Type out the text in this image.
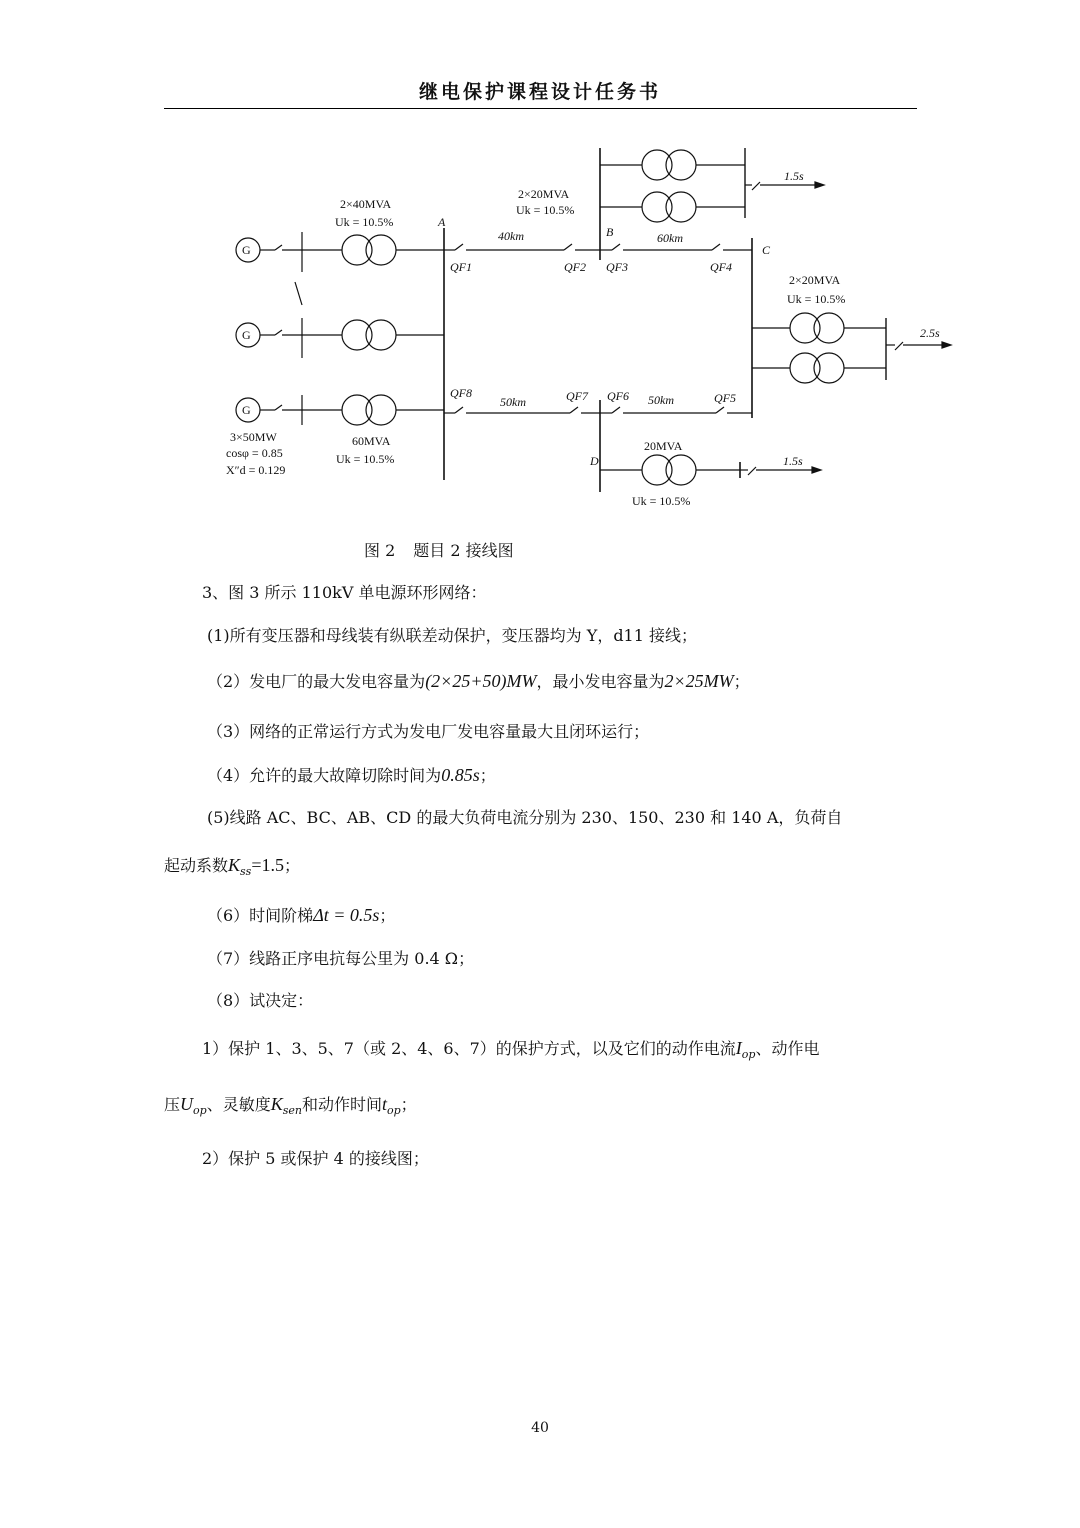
继电保护课程设计任务书
G
G
G
2×40MVA
Uk = 10.5%	A
2×20MVA
Uk = 10.5%
1.5s
40km	B	60km
C
QF1	QF2 QF3	QF4
2×20MVA
Uk = 10.5%
2.5s
QF8	QF7 QF6	QF5
50km	50km
3×50MW
cosφ = 0.85
X″d = 0.129
60MVA
Uk = 10.5%
20MVA
D	1.5s
Uk = 10.5%
图 2 题目 2 接线图
3、图 3 所示 110kV 单电源环形网络：
(1)所有变压器和母线装有纵联差动保护，变压器均为 Y，d11 接线；
（2）发电厂的最大发电容量为(2×25+50)MW，最小发电容量为2×25MW；
（3）网络的正常运行方式为发电厂发电容量最大且闭环运行；
（4）允许的最大故障切除时间为0.85s；
(5)线路 AC、BC、AB、CD 的最大负荷电流分别为 230、150、230 和 140 A，负荷自
起动系数$K_{ss}=1.5$；
（6）时间阶梯Δt = 0.5s；
（7）线路正序电抗每公里为 0.4 Ω；
（8）试决定：
1）保护 1、3、5、7（或 2、4、6、7）的保护方式，以及它们的动作电流$I_{op}$、动作电
压$U_{op}$、灵敏度$K_{sen}$和动作时间$t_{op}$；
2）保护 5 或保护 4 的接线图；
40
